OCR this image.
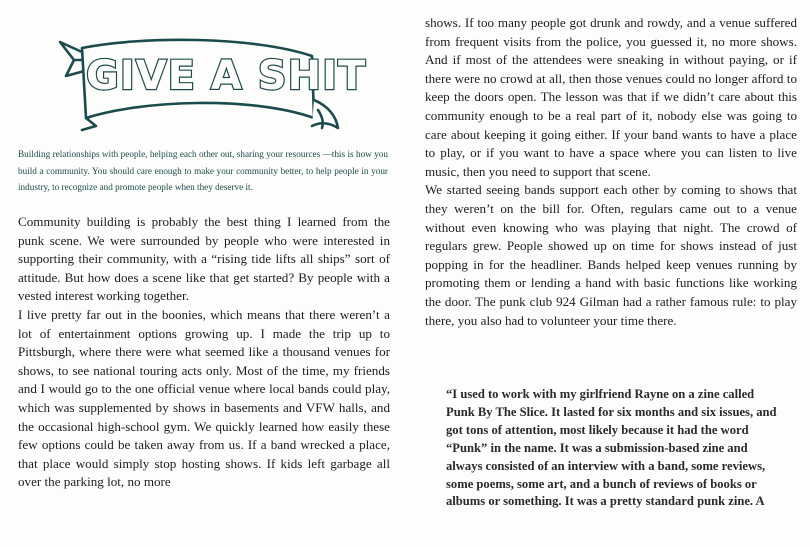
GIVE A SHIT

Building relationships with people, helping each other out, sharing your resources —this is how you build a community. You should care enough to make your community better, to help people in your industry, to recognize and promote people when they deserve it.

Community building is probably the best thing I learned from the punk scene. We were surrounded by people who were interested in supporting their community, with a “rising tide lifts all ships” sort of attitude. But how does a scene like that get started? By people with a vested interest working together.

I live pretty far out in the boonies, which means that there weren’t a lot of entertainment options growing up. I made the trip up to Pittsburgh, where there were what seemed like a thousand venues for shows, to see national touring acts only. Most of the time, my friends and I would go to the one official venue where local bands could play, which was supplemented by shows in basements and VFW halls, and the occasional high-school gym. We quickly learned how easily these few options could be taken away from us. If a band wrecked a place, that place would simply stop hosting shows. If kids left garbage all over the parking lot, no more

shows. If too many people got drunk and rowdy, and a venue suffered from frequent visits from the police, you guessed it, no more shows. And if most of the attendees were sneaking in without paying, or if there were no crowd at all, then those venues could no longer afford to keep the doors open. The lesson was that if we didn’t care about this community enough to be a real part of it, nobody else was going to care about keeping it going either. If your band wants to have a place to play, or if you want to have a space where you can listen to live music, then you need to support that scene.

We started seeing bands support each other by coming to shows that they weren’t on the bill for. Often, regulars came out to a venue without even knowing who was playing that night. The crowd of regulars grew. People showed up on time for shows instead of just popping in for the headliner. Bands helped keep venues running by promoting them or lending a hand with basic functions like working the door. The punk club 924 Gilman had a rather famous rule: to play there, you also had to volunteer your time there.

“I used to work with my girlfriend Rayne on a zine called Punk By The Slice. It lasted for six months and six issues, and got tons of attention, most likely because it had the word “Punk” in the name. It was a submission-based zine and always consisted of an interview with a band, some reviews, some poems, some art, and a bunch of reviews of books or albums or something. It was a pretty standard punk zine. A
